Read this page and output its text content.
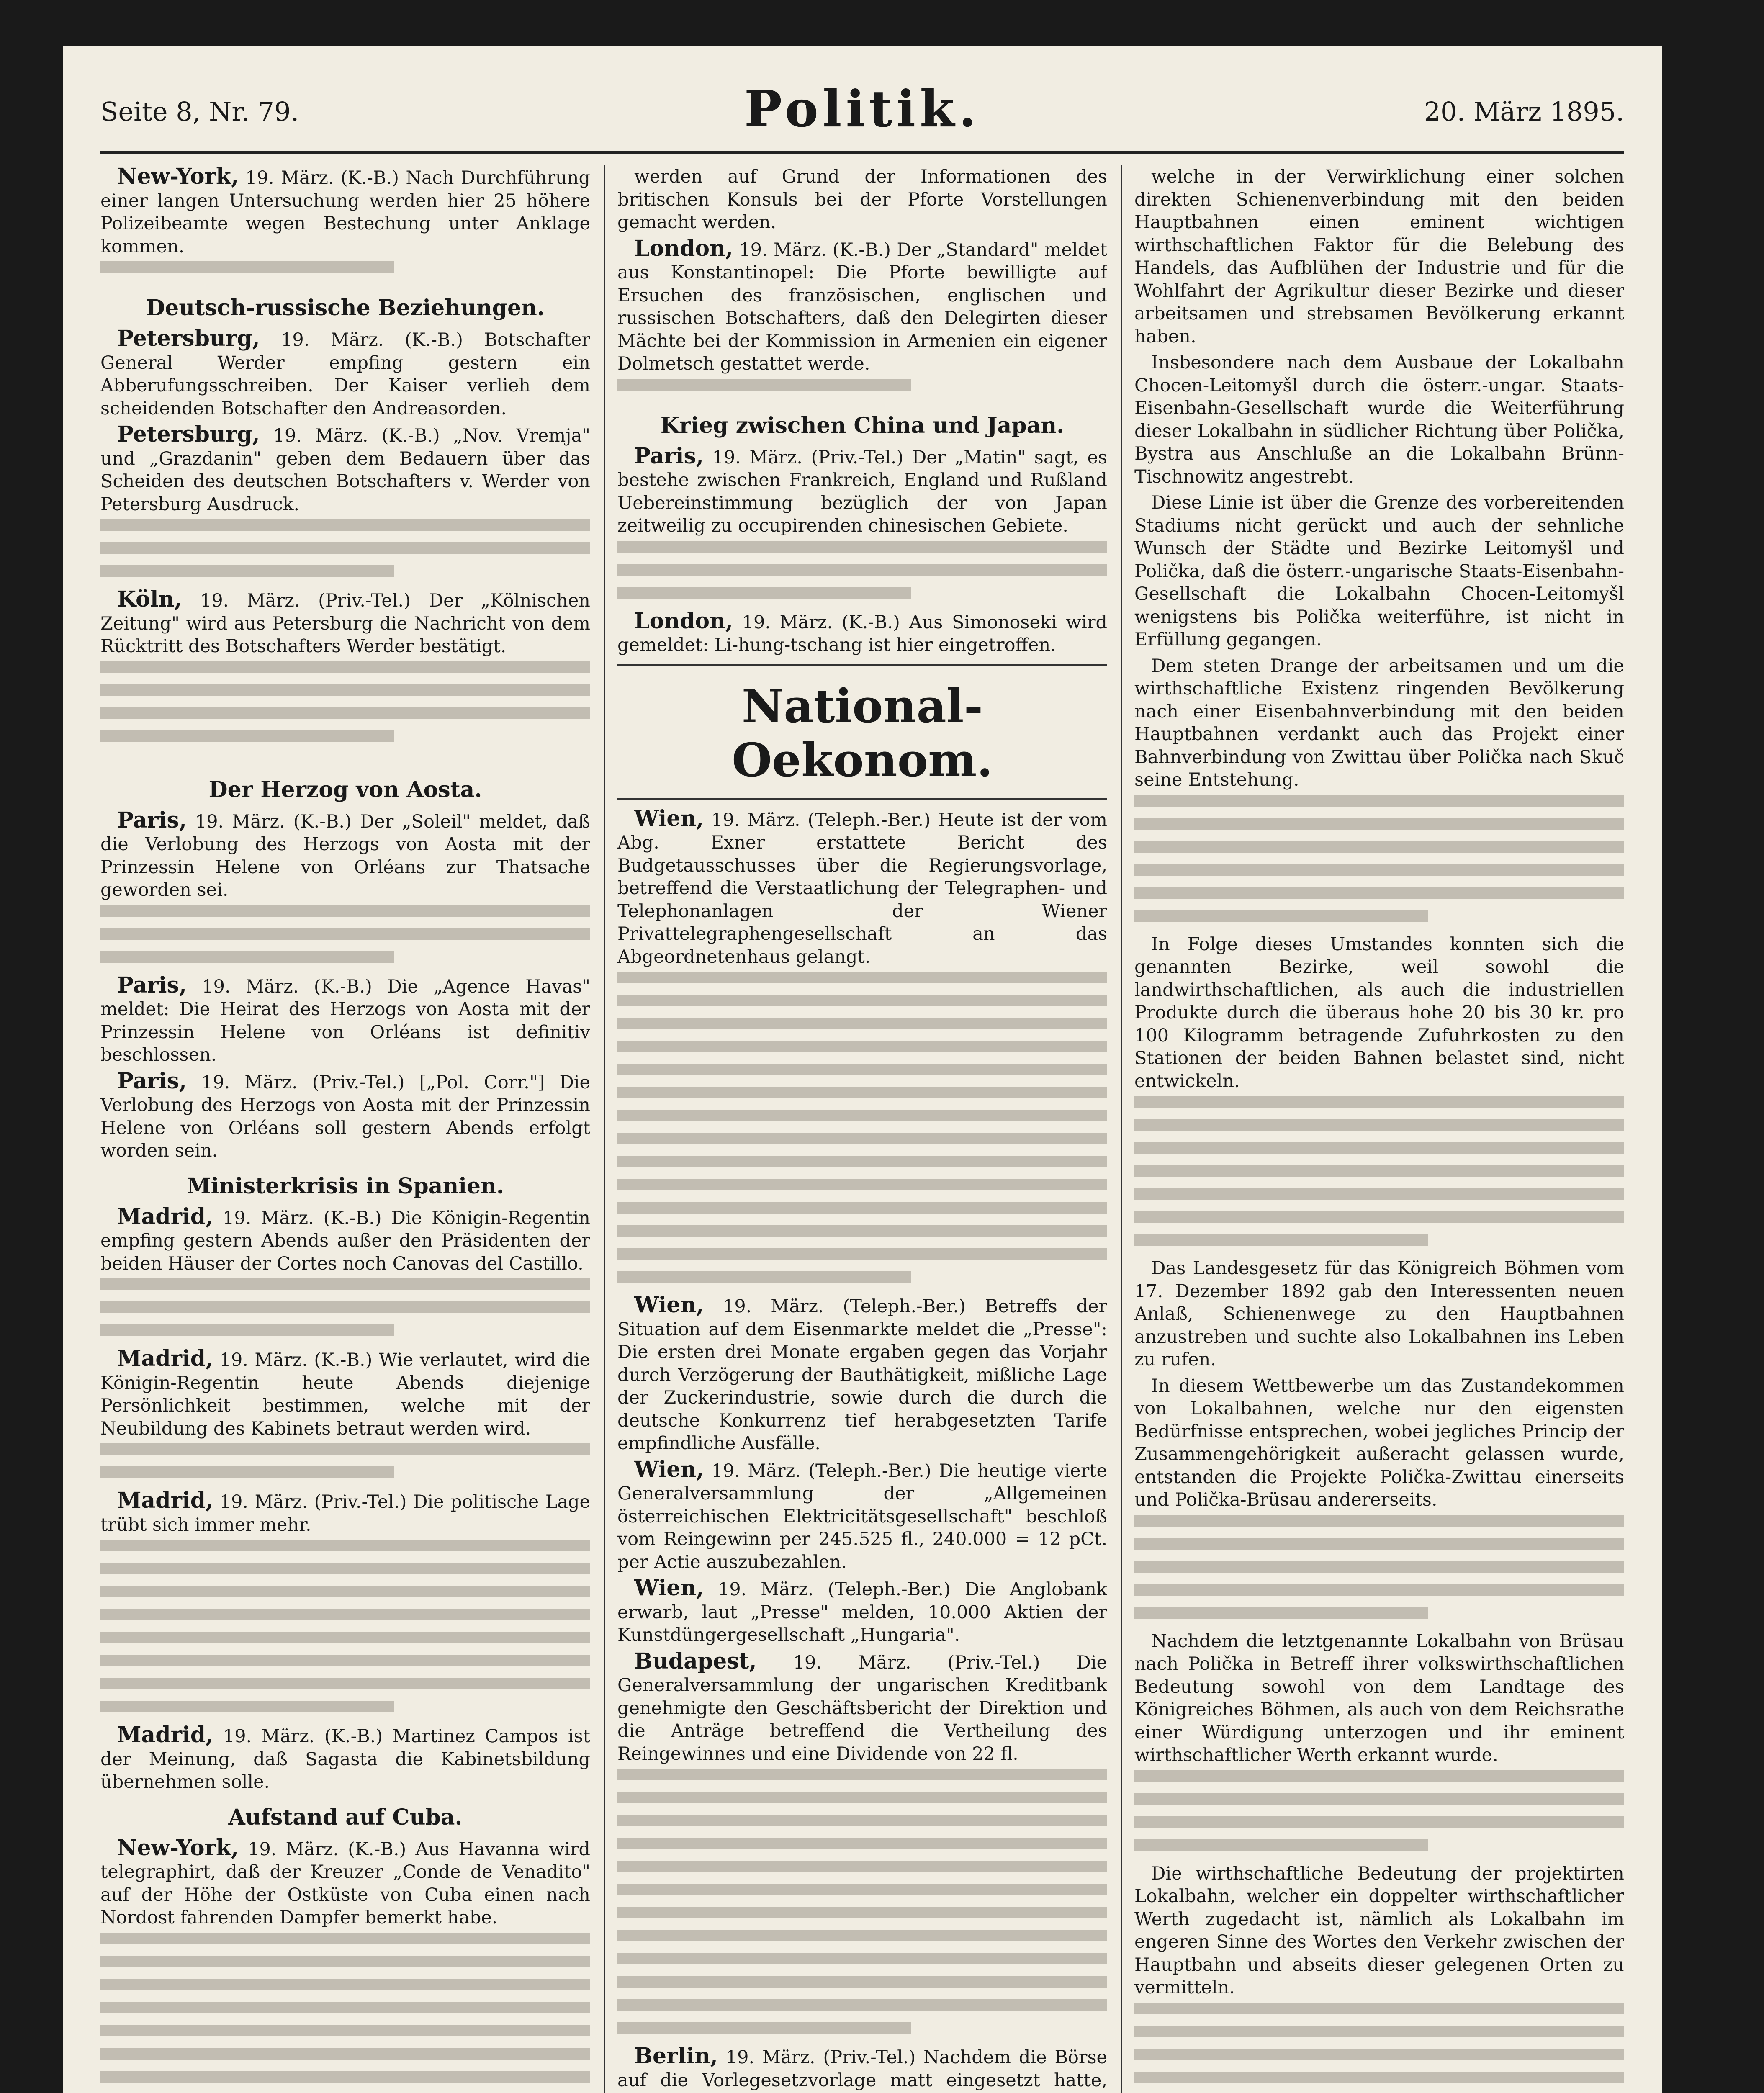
Seite 8, Nr. 79.	Politik.	20. März 1895.

New-York, 19. März. (K.-B.) Nach Durchführung einer langen Untersuchung werden hier 25 höhere Polizeibeamte wegen Bestechung unter Anklage kommen.

Deutsch-russische Beziehungen.

Petersburg, 19. März. (K.-B.) Botschafter General Werder empfing gestern ein Abberufungsschreiben. Der Kaiser verlieh dem scheidenden Botschafter den Andreasorden.

Petersburg, 19. März. (K.-B.) „Nov. Vremja" und „Grazdanin" geben dem Bedauern über das Scheiden des deutschen Botschafters v. Werder von Petersburg Ausdruck.

Köln, 19. März. (Priv.-Tel.) Der „Kölnischen Zeitung" wird aus Petersburg die Nachricht von dem Rücktritt des Botschafters Werder bestätigt.

Der Herzog von Aosta.

Paris, 19. März. (K.-B.) Der „Soleil" meldet, daß die Verlobung des Herzogs von Aosta mit der Prinzessin Helene von Orléans zur Thatsache geworden sei.

Paris, 19. März. (K.-B.) Die „Agence Havas" meldet: Die Heirat des Herzogs von Aosta mit der Prinzessin Helene von Orléans ist definitiv beschlossen.

Paris, 19. März. (Priv.-Tel.) [„Pol. Corr."] Die Verlobung des Herzogs von Aosta mit der Prinzessin Helene von Orléans soll gestern Abends erfolgt worden sein.

Ministerkrisis in Spanien.

Madrid, 19. März. (K.-B.) Die Königin-Regentin empfing gestern Abends außer den Präsidenten der beiden Häuser der Cortes noch Canovas del Castillo.

Madrid, 19. März. (K.-B.) Wie verlautet, wird die Königin-Regentin heute Abends diejenige Persönlichkeit bestimmen, welche mit der Neubildung des Kabinets betraut werden wird.

Madrid, 19. März. (Priv.-Tel.) Die politische Lage trübt sich immer mehr.

Madrid, 19. März. (K.-B.) Martinez Campos ist der Meinung, daß Sagasta die Kabinetsbildung übernehmen solle.

Aufstand auf Cuba.

New-York, 19. März. (K.-B.) Aus Havanna wird telegraphirt, daß der Kreuzer „Conde de Venadito" auf der Höhe der Ostküste von Cuba einen nach Nordost fahrenden Dampfer bemerkt habe.

werden auf Grund der Informationen des britischen Konsuls bei der Pforte Vorstellungen gemacht werden.

London, 19. März. (K.-B.) Der „Standard" meldet aus Konstantinopel: Die Pforte bewilligte auf Ersuchen des französischen, englischen und russischen Botschafters, daß den Delegirten dieser Mächte bei der Kommission in Armenien ein eigener Dolmetsch gestattet werde.

Krieg zwischen China und Japan.

Paris, 19. März. (Priv.-Tel.) Der „Matin" sagt, es bestehe zwischen Frankreich, England und Rußland Uebereinstimmung bezüglich der von Japan zeitweilig zu occupirenden chinesischen Gebiete.

London, 19. März. (K.-B.) Aus Simonoseki wird gemeldet: Li-hung-tschang ist hier eingetroffen.

National-Oekonom.

Wien, 19. März. (Teleph.-Ber.) Heute ist der vom Abg. Exner erstattete Bericht des Budgetausschusses über die Regierungsvorlage, betreffend die Verstaatlichung der Telegraphen- und Telephonanlagen der Wiener Privattelegraphengesellschaft an das Abgeordnetenhaus gelangt.

Wien, 19. März. (Teleph.-Ber.) Betreffs der Situation auf dem Eisenmarkte meldet die „Presse": Die ersten drei Monate ergaben gegen das Vorjahr durch Verzögerung der Bauthätigkeit, mißliche Lage der Zuckerindustrie, sowie durch die durch die deutsche Konkurrenz tief herabgesetzten Tarife empfindliche Ausfälle.

Wien, 19. März. (Teleph.-Ber.) Die heutige vierte Generalversammlung der „Allgemeinen österreichischen Elektricitätsgesellschaft" beschloß vom Reingewinn per 245.525 fl., 240.000 = 12 pCt. per Actie auszubezahlen.

Wien, 19. März. (Teleph.-Ber.) Die Anglobank erwarb, laut „Presse" melden, 10.000 Aktien der Kunstdüngergesellschaft „Hungaria".

Budapest, 19. März. (Priv.-Tel.) Die Generalversammlung der ungarischen Kreditbank genehmigte den Geschäftsbericht der Direktion und die Anträge betreffend die Vertheilung des Reingewinnes und eine Dividende von 22 fl.

Berlin, 19. März. (Priv.-Tel.) Nachdem die Börse auf die Vorlegesetzvorlage matt eingesetzt hatte,

welche in der Verwirklichung einer solchen direkten Schienenverbindung mit den beiden Hauptbahnen einen eminent wichtigen wirthschaftlichen Faktor für die Belebung des Handels, das Aufblühen der Industrie und für die Wohlfahrt der Agrikultur dieser Bezirke und dieser arbeitsamen und strebsamen Bevölkerung erkannt haben.

Insbesondere nach dem Ausbaue der Lokalbahn Chocen-Leitomyšl durch die österr.-ungar. Staats-Eisenbahn-Gesellschaft wurde die Weiterführung dieser Lokalbahn in südlicher Richtung über Polička, Bystra aus Anschluße an die Lokalbahn Brünn-Tischnowitz angestrebt.

Diese Linie ist über die Grenze des vorbereitenden Stadiums nicht gerückt und auch der sehnliche Wunsch der Städte und Bezirke Leitomyšl und Polička, daß die österr.-ungarische Staats-Eisenbahn-Gesellschaft die Lokalbahn Chocen-Leitomyšl wenigstens bis Polička weiterführe, ist nicht in Erfüllung gegangen.

Dem steten Drange der arbeitsamen und um die wirthschaftliche Existenz ringenden Bevölkerung nach einer Eisenbahnverbindung mit den beiden Hauptbahnen verdankt auch das Projekt einer Bahnverbindung von Zwittau über Polička nach Skuč seine Entstehung.

In Folge dieses Umstandes konnten sich die genannten Bezirke, weil sowohl die landwirthschaftlichen, als auch die industriellen Produkte durch die überaus hohe 20 bis 30 kr. pro 100 Kilogramm betragende Zufuhrkosten zu den Stationen der beiden Bahnen belastet sind, nicht entwickeln.

Das Landesgesetz für das Königreich Böhmen vom 17. Dezember 1892 gab den Interessenten neuen Anlaß, Schienenwege zu den Hauptbahnen anzustreben und suchte also Lokalbahnen ins Leben zu rufen.

In diesem Wettbewerbe um das Zustandekommen von Lokalbahnen, welche nur den eigensten Bedürfnisse entsprechen, wobei jegliches Princip der Zusammengehörigkeit außeracht gelassen wurde, entstanden die Projekte Polička-Zwittau einerseits und Polička-Brüsau andererseits.

Nachdem die letztgenannte Lokalbahn von Brüsau nach Polička in Betreff ihrer volkswirthschaftlichen Bedeutung sowohl von dem Landtage des Königreiches Böhmen, als auch von dem Reichsrathe einer Würdigung unterzogen und ihr eminent wirthschaftlicher Werth erkannt wurde.

Die wirthschaftliche Bedeutung der projektirten Lokalbahn, welcher ein doppelter wirthschaftlicher Werth zugedacht ist, nämlich als Lokalbahn im engeren Sinne des Wortes den Verkehr zwischen der Hauptbahn und abseits dieser gelegenen Orten zu vermitteln.
